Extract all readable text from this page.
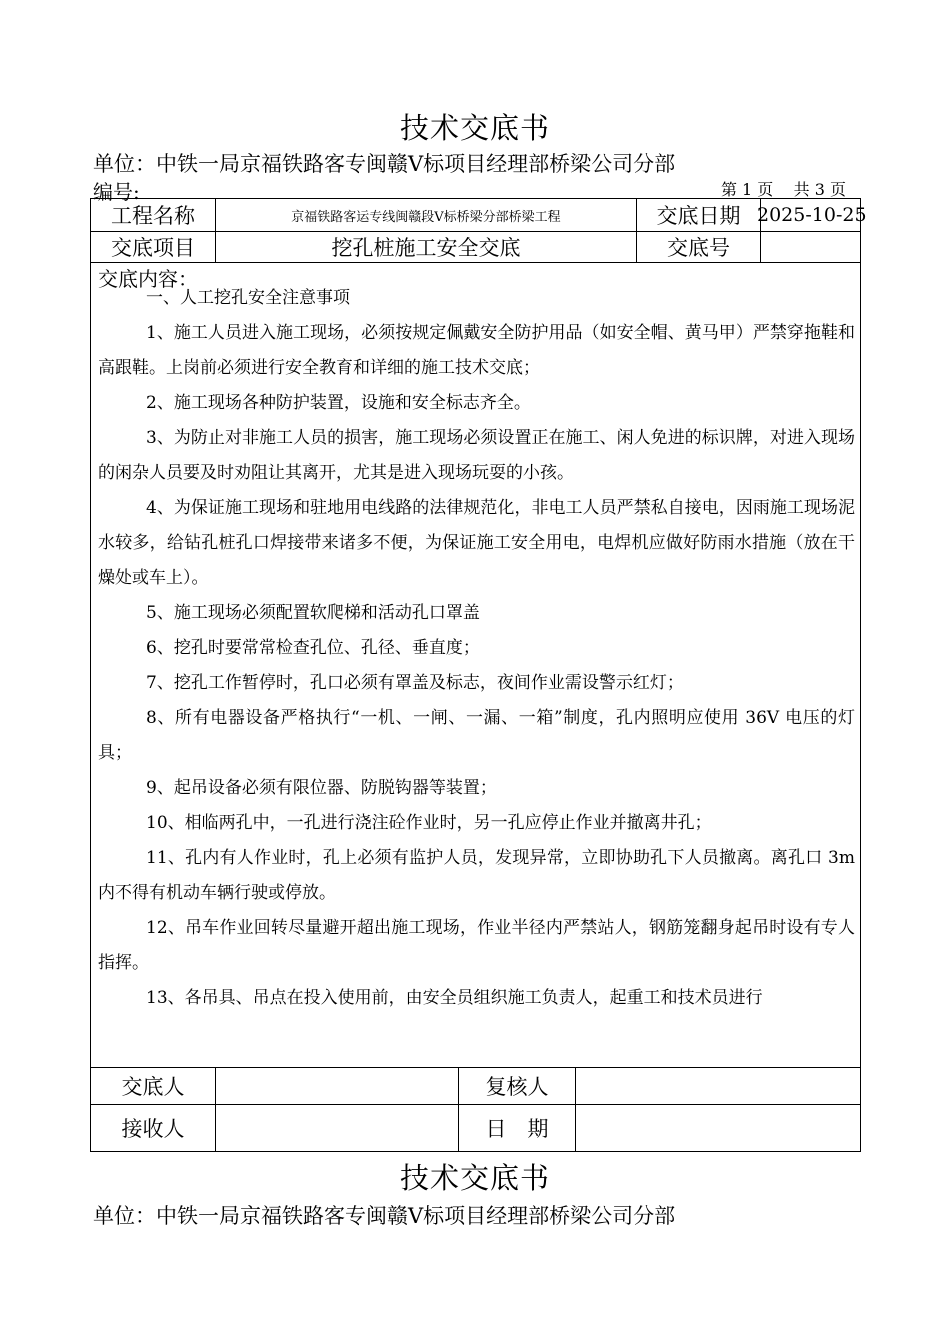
技术交底书
单位：中铁一局京福铁路客专闽赣Ⅴ标项目经理部桥梁公司分部
编号:	第 1 页    共 3 页
工程名称	京福铁路客运专线闽赣段Ⅴ标桥梁分部桥梁工程	交底日期 2025-10-25
交底项目	挖孔桩施工安全交底	交底号
交底内容：
一、人工挖孔安全注意事项
1、施工人员进入施工现场，必须按规定佩戴安全防护用品（如安全帽、黄马甲）严禁穿拖鞋和高跟鞋。上岗前必须进行安全教育和详细的施工技术交底；
2、施工现场各种防护装置，设施和安全标志齐全。
3、为防止对非施工人员的损害，施工现场必须设置正在施工、闲人免进的标识牌，对进入现场的闲杂人员要及时劝阻让其离开，尤其是进入现场玩耍的小孩。
4、为保证施工现场和驻地用电线路的法律规范化，非电工人员严禁私自接电，因雨施工现场泥水较多，给钻孔桩孔口焊接带来诸多不便，为保证施工安全用电，电焊机应做好防雨水措施（放在干燥处或车上）。
5、施工现场必须配置软爬梯和活动孔口罩盖
6、挖孔时要常常检查孔位、孔径、垂直度；
7、挖孔工作暂停时，孔口必须有罩盖及标志，夜间作业需设警示红灯；
8、所有电器设备严格执行“一机、一闸、一漏、一箱”制度，孔内照明应使用 36V 电压的灯具；
9、起吊设备必须有限位器、防脱钩器等装置；
10、相临两孔中，一孔进行浇注砼作业时，另一孔应停止作业并撤离井孔；
11、孔内有人作业时，孔上必须有监护人员，发现异常，立即协助孔下人员撤离。离孔口 3m 内不得有机动车辆行驶或停放。
12、吊车作业回转尽量避开超出施工现场，作业半径内严禁站人，钢筋笼翻身起吊时设有专人指挥。
13、各吊具、吊点在投入使用前，由安全员组织施工负责人，起重工和技术员进行
交底人	复核人
接收人	日　期
技术交底书
单位：中铁一局京福铁路客专闽赣Ⅴ标项目经理部桥梁公司分部
